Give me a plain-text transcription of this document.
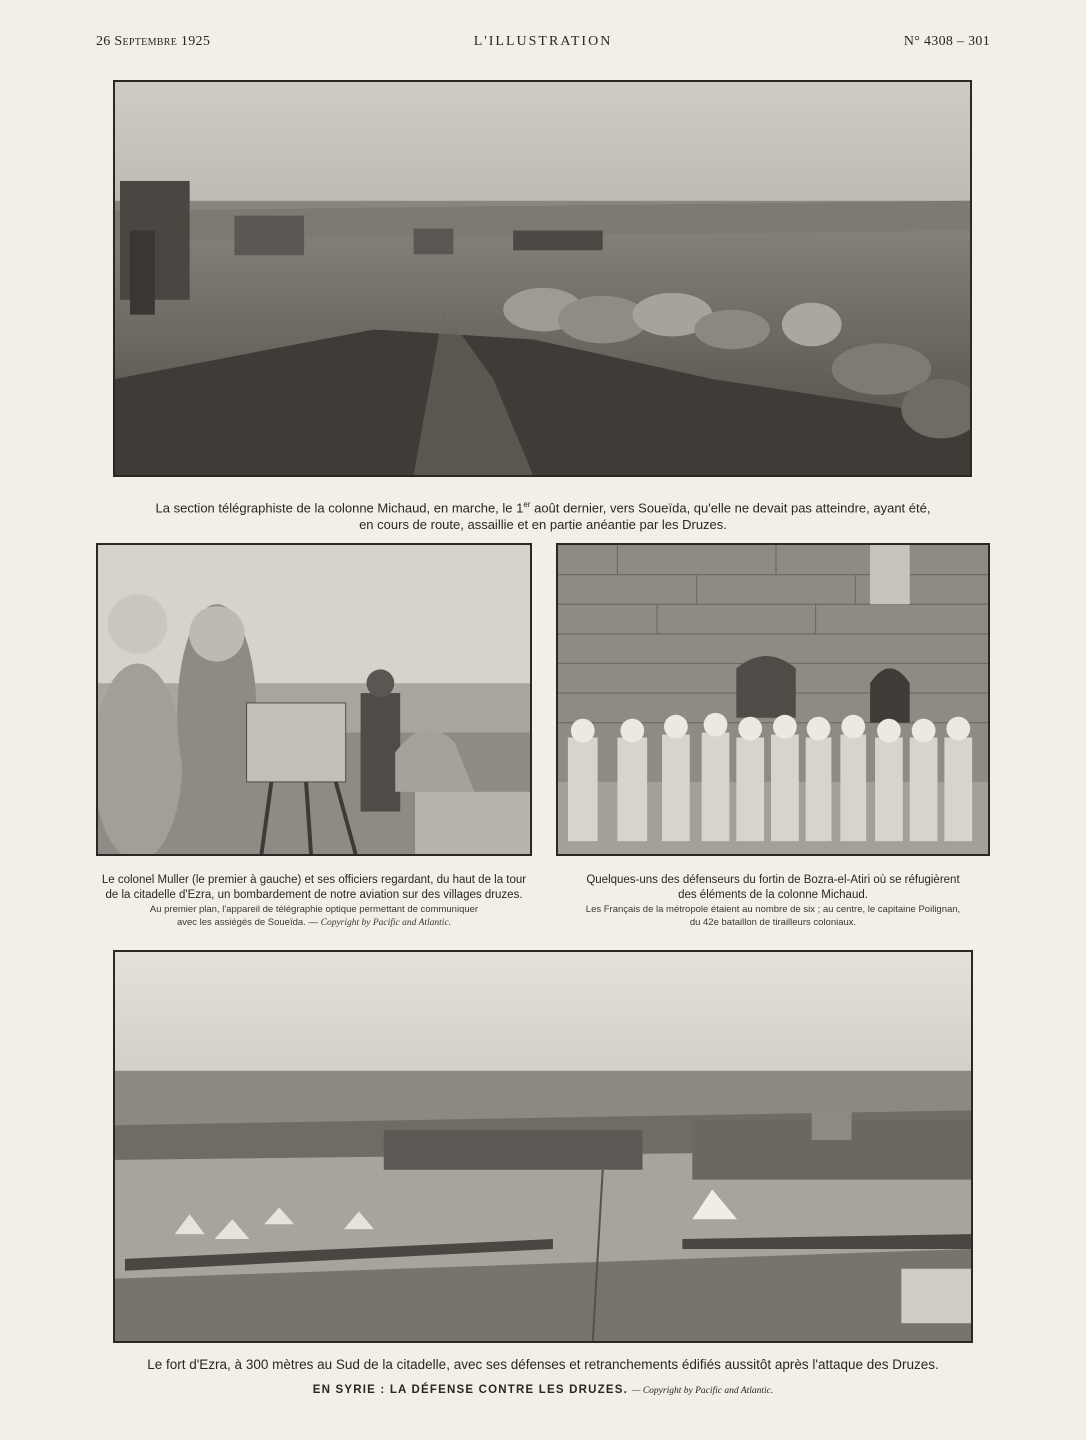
L'ILLUSTRATION
26 Septembre 1925	N° 4308 – 301
La section télégraphiste de la colonne Michaud, en marche, le 1er août dernier, vers Soueïda, qu'elle ne devait pas atteindre, ayant été,
en cours de route, assaillie et en partie anéantie par les Druzes.
Le colonel Muller (le premier à gauche) et ses officiers regardant, du haut de la tour
de la citadelle d'Ezra, un bombardement de notre aviation sur des villages druzes.
Au premier plan, l'appareil de télégraphie optique permettant de communiquer
avec les assiégés de Soueïda. — Copyright by Pacific and Atlantic.
Quelques-uns des défenseurs du fortin de Bozra-el-Atiri où se réfugièrent
des éléments de la colonne Michaud.
Les Français de la métropole étaient au nombre de six ; au centre, le capitaine Poilignan,
du 42e bataillon de tirailleurs coloniaux.
Le fort d'Ezra, à 300 mètres au Sud de la citadelle, avec ses défenses et retranchements édifiés aussitôt après l'attaque des Druzes.
EN SYRIE : LA DÉFENSE CONTRE LES DRUZES. — Copyright by Pacific and Atlantic.
